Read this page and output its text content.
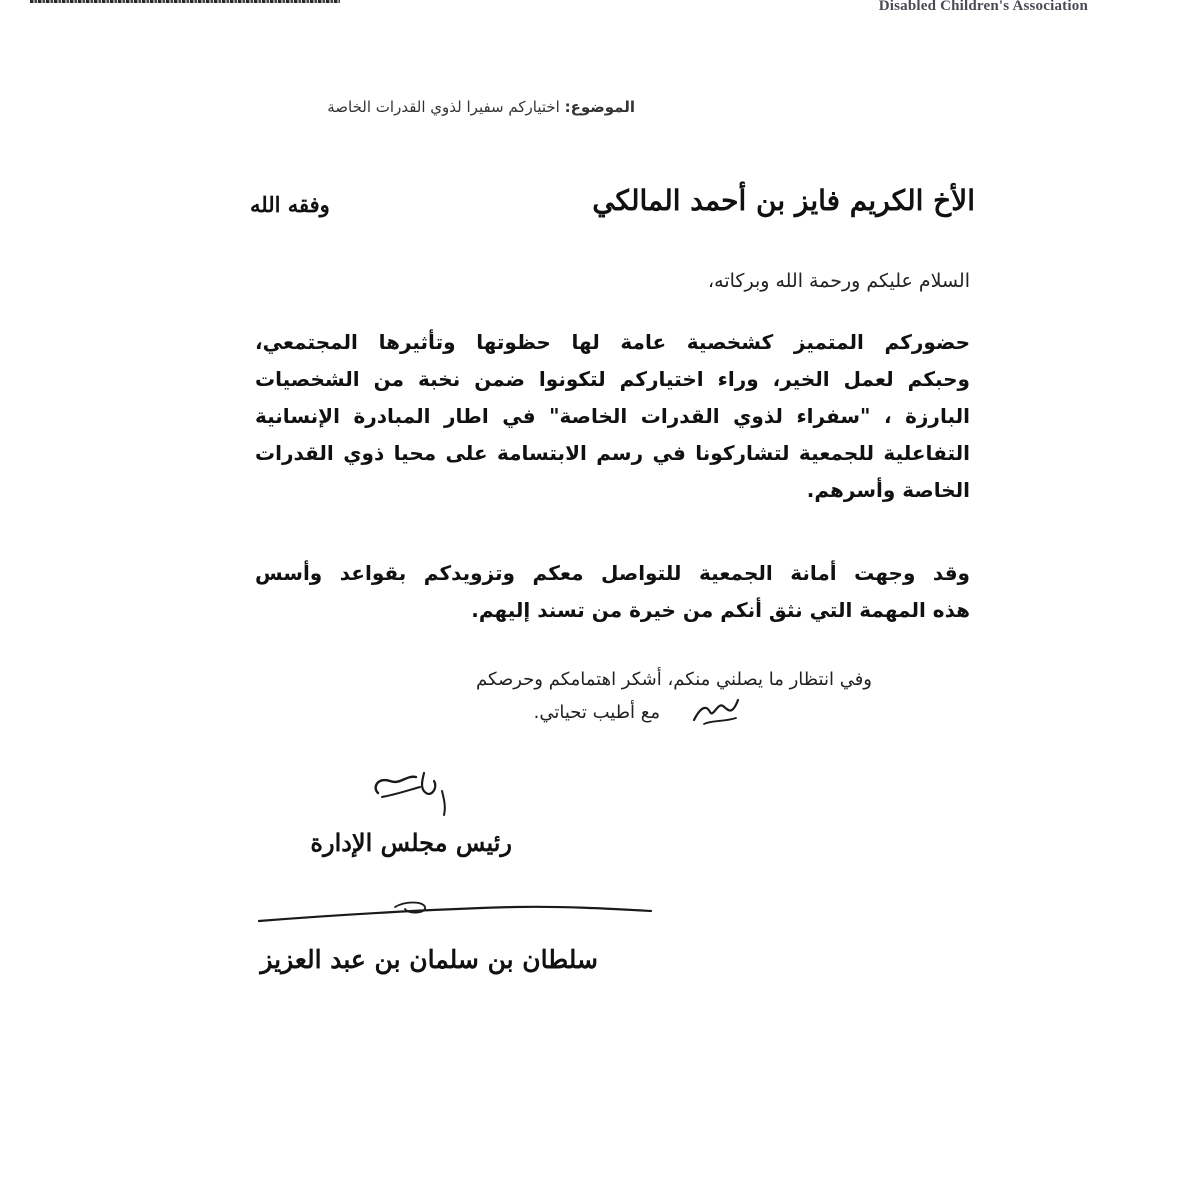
Disabled Children's Association
الموضوع: اختياركم سفيرا لذوي القدرات الخاصة
الأخ الكريم فايز بن أحمد المالكي
وفقه الله
السلام عليكم ورحمة الله وبركاته،
حضوركم المتميز كشخصية عامة لها حظوتها وتأثيرها المجتمعي،
وحبكم لعمل الخير، وراء اختياركم لتكونوا ضمن نخبة من الشخصيات
البارزة ، "سفراء لذوي القدرات الخاصة" في اطار المبادرة الإنسانية
التفاعلية للجمعية لتشاركونا في رسم الابتسامة على محيا ذوي القدرات
الخاصة وأسرهم.
وقد وجهت أمانة الجمعية للتواصل معكم وتزويدكم بقواعد وأسس
هذه المهمة التي نثق أنكم من خيرة من تسند إليهم.
وفي انتظار ما يصلني منكم، أشكر اهتمامكم وحرصكم
مع أطيب تحياتي.
رئيس مجلس الإدارة
سلطان بن سلمان بن عبد العزيز
